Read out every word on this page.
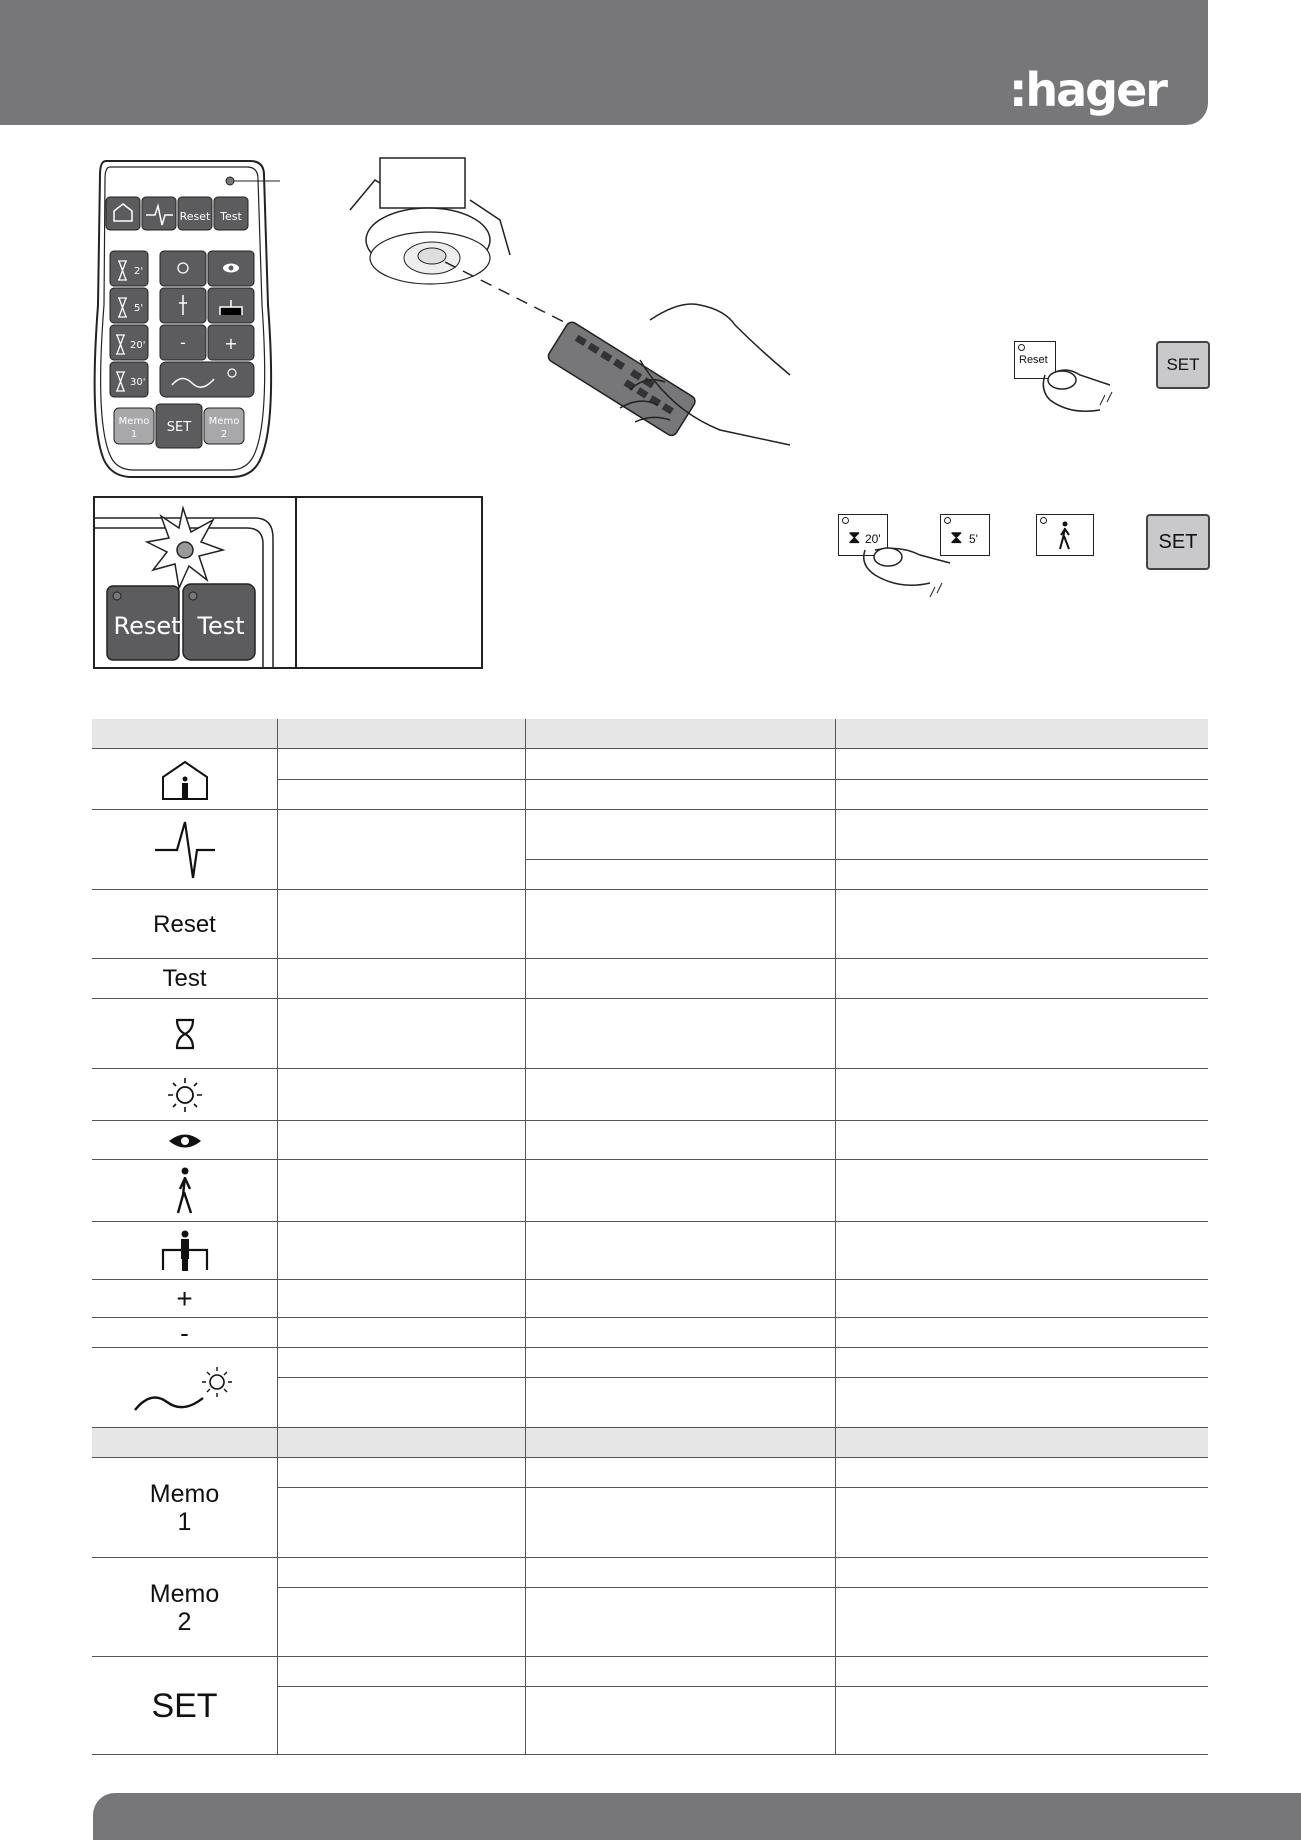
:hager
Reset Test
2'
5'
20'
30'
- +
Memo
1 SET Memo
2
Reset	SET
⧗ 20'	⧗ 5'	SET
Reset Test
Reset
Test
+
-
Memo
1
Memo
2
SET
